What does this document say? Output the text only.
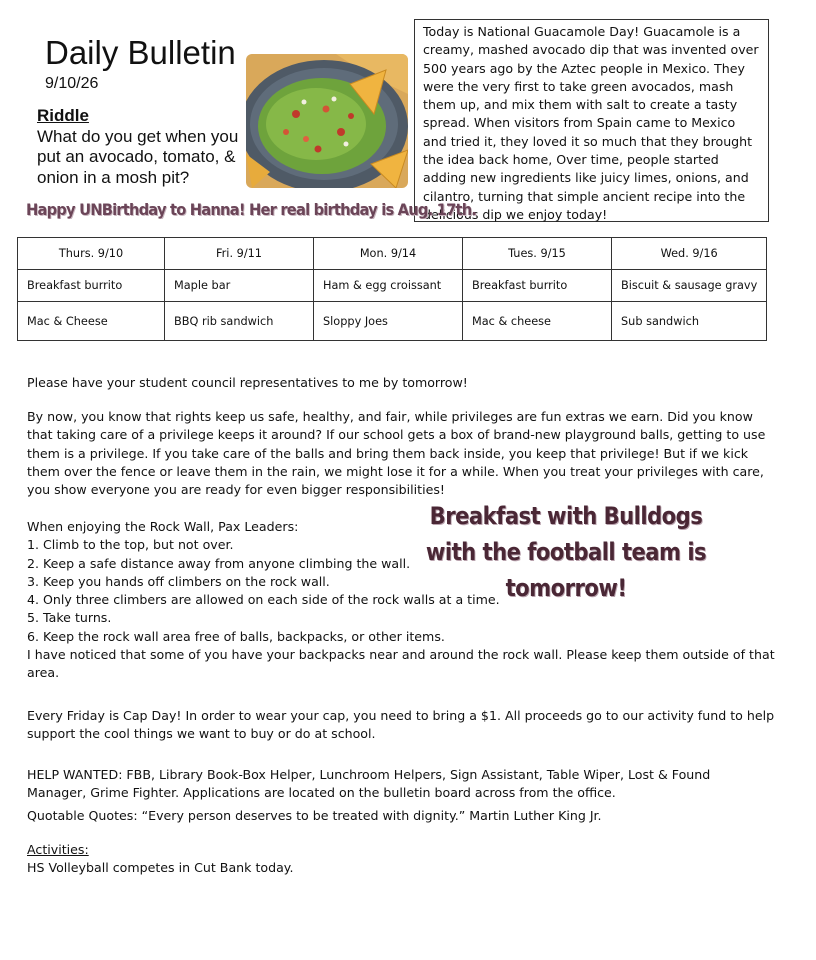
Daily Bulletin
9/10/26
Riddle
What do you get when you put an avocado, tomato, & onion in a mosh pit?
Today is National Guacamole Day! Guacamole is a creamy, mashed avocado dip that was invented over 500 years ago by the Aztec people in Mexico. They were the very first to take green avocados, mash them up, and mix them with salt to create a tasty spread. When visitors from Spain came to Mexico and tried it, they loved it so much that they brought the idea back home, Over time, people started adding new ingredients like juicy limes, onions, and cilantro, turning that simple ancient recipe into the delicious dip we enjoy today!
Happy UNBirthday to Hanna! Her real birthday is Aug. 17th.
Thurs. 9/10	Fri. 9/11	Mon. 9/14	Tues. 9/15	Wed. 9/16
Breakfast burrito	Maple bar	Ham & egg croissant	Breakfast burrito	Biscuit & sausage gravy
Mac & Cheese	BBQ rib sandwich	Sloppy Joes	Mac & cheese	Sub sandwich
Please have your student council representatives to me by tomorrow!
By now, you know that rights keep us safe, healthy, and fair, while privileges are fun extras we earn. Did you know that taking care of a privilege keeps it around? If our school gets a box of brand-new playground balls, getting to use them is a privilege. If you take care of the balls and bring them back inside, you keep that privilege! But if we kick them over the fence or leave them in the rain, we might lose it for a while. When you treat your privileges with care, you show everyone you are ready for even bigger responsibilities!
When enjoying the Rock Wall, Pax Leaders:
1. Climb to the top, but not over.
2. Keep a safe distance away from anyone climbing the wall.
3. Keep you hands off climbers on the rock wall.
4. Only three climbers are allowed on each side of the rock walls at a time.
5. Take turns.
6. Keep the rock wall area free of balls, backpacks, or other items.
I have noticed that some of you have your backpacks near and around the rock wall. Please keep them outside of that area.
Breakfast with Bulldogs with the football team is tomorrow!
Every Friday is Cap Day! In order to wear your cap, you need to bring a $1. All proceeds go to our activity fund to help support the cool things we want to buy or do at school.
HELP WANTED: FBB, Library Book-Box Helper, Lunchroom Helpers, Sign Assistant, Table Wiper, Lost & Found Manager, Grime Fighter. Applications are located on the bulletin board across from the office.
Quotable Quotes: “Every person deserves to be treated with dignity.” Martin Luther King Jr.
Activities:
HS Volleyball competes in Cut Bank today.
